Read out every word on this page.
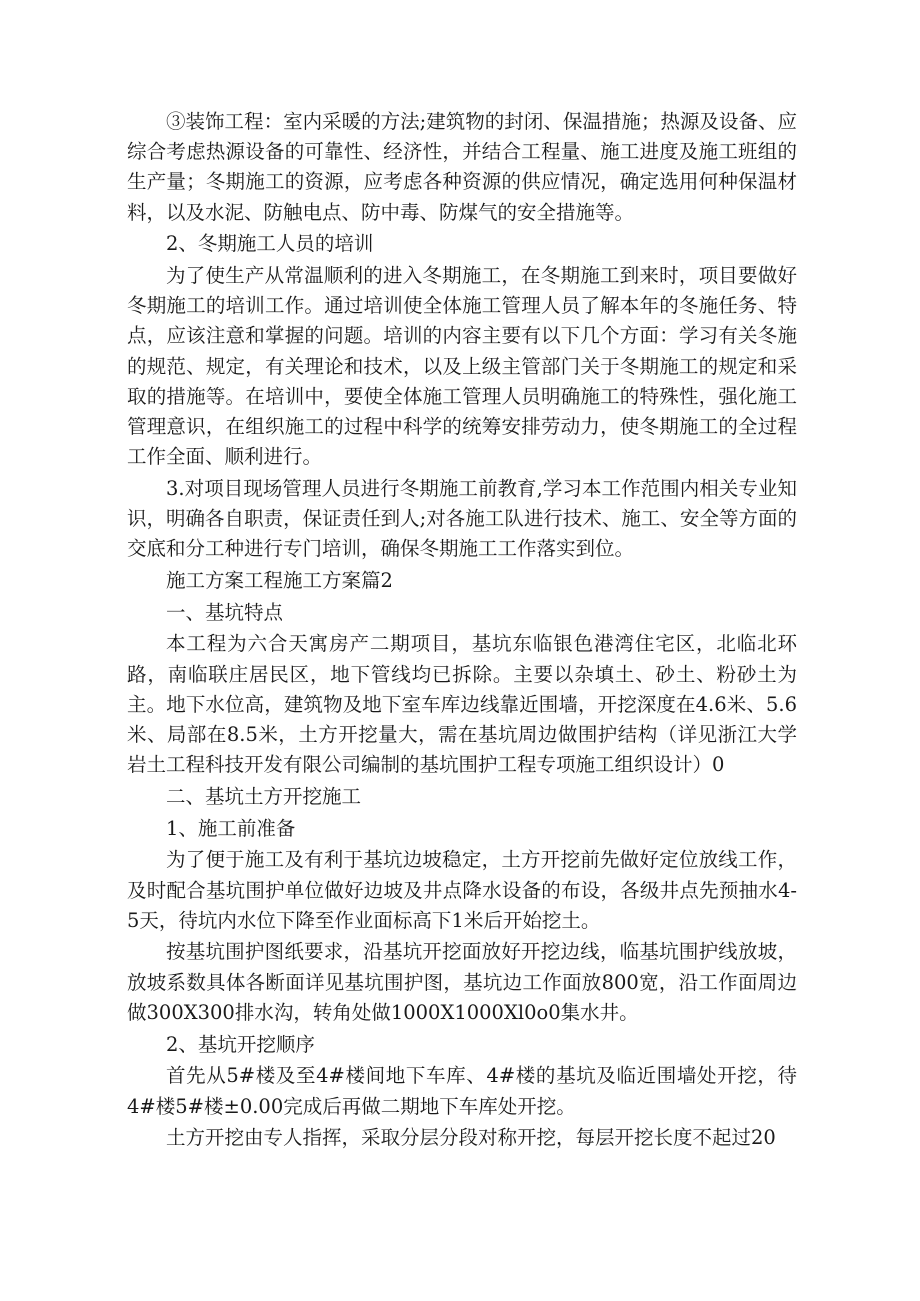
③装饰工程：室内采暖的方法;建筑物的封闭、保温措施；热源及设备、应综合考虑热源设备的可靠性、经济性，并结合工程量、施工进度及施工班组的生产量；冬期施工的资源，应考虑各种资源的供应情况，确定选用何种保温材料，以及水泥、防触电点、防中毒、防煤气的安全措施等。

2、冬期施工人员的培训

为了使生产从常温顺利的进入冬期施工，在冬期施工到来时，项目要做好冬期施工的培训工作。通过培训使全体施工管理人员了解本年的冬施任务、特点，应该注意和掌握的问题。培训的内容主要有以下几个方面：学习有关冬施的规范、规定，有关理论和技术，以及上级主管部门关于冬期施工的规定和采取的措施等。在培训中，要使全体施工管理人员明确施工的特殊性，强化施工管理意识，在组织施工的过程中科学的统筹安排劳动力，使冬期施工的全过程工作全面、顺利进行。

3.对项目现场管理人员进行冬期施工前教育,学习本工作范围内相关专业知识，明确各自职责，保证责任到人;对各施工队进行技术、施工、安全等方面的交底和分工种进行专门培训，确保冬期施工工作落实到位。

施工方案工程施工方案篇2

一、基坑特点

本工程为六合天寓房产二期项目，基坑东临银色港湾住宅区，北临北环路，南临联庄居民区，地下管线均已拆除。主要以杂填土、砂土、粉砂土为主。地下水位高，建筑物及地下室车库边线靠近围墙，开挖深度在4.6米、5.6米、局部在8.5米，土方开挖量大，需在基坑周边做围护结构（详见浙江大学岩土工程科技开发有限公司编制的基坑围护工程专项施工组织设计）0

二、基坑土方开挖施工

1、施工前准备

为了便于施工及有利于基坑边坡稳定，土方开挖前先做好定位放线工作，及时配合基坑围护单位做好边坡及井点降水设备的布设，各级井点先预抽水4-5天，待坑内水位下降至作业面标高下1米后开始挖土。

按基坑围护图纸要求，沿基坑开挖面放好开挖边线，临基坑围护线放坡，放坡系数具体各断面详见基坑围护图，基坑边工作面放800宽，沿工作面周边做300X300排水沟，转角处做1000X1000Xl0o0集水井。

2、基坑开挖顺序

首先从5#楼及至4#楼间地下车库、4#楼的基坑及临近围墙处开挖，待4#楼5#楼±0.00完成后再做二期地下车库处开挖。

土方开挖由专人指挥，采取分层分段对称开挖，每层开挖长度不起过20
